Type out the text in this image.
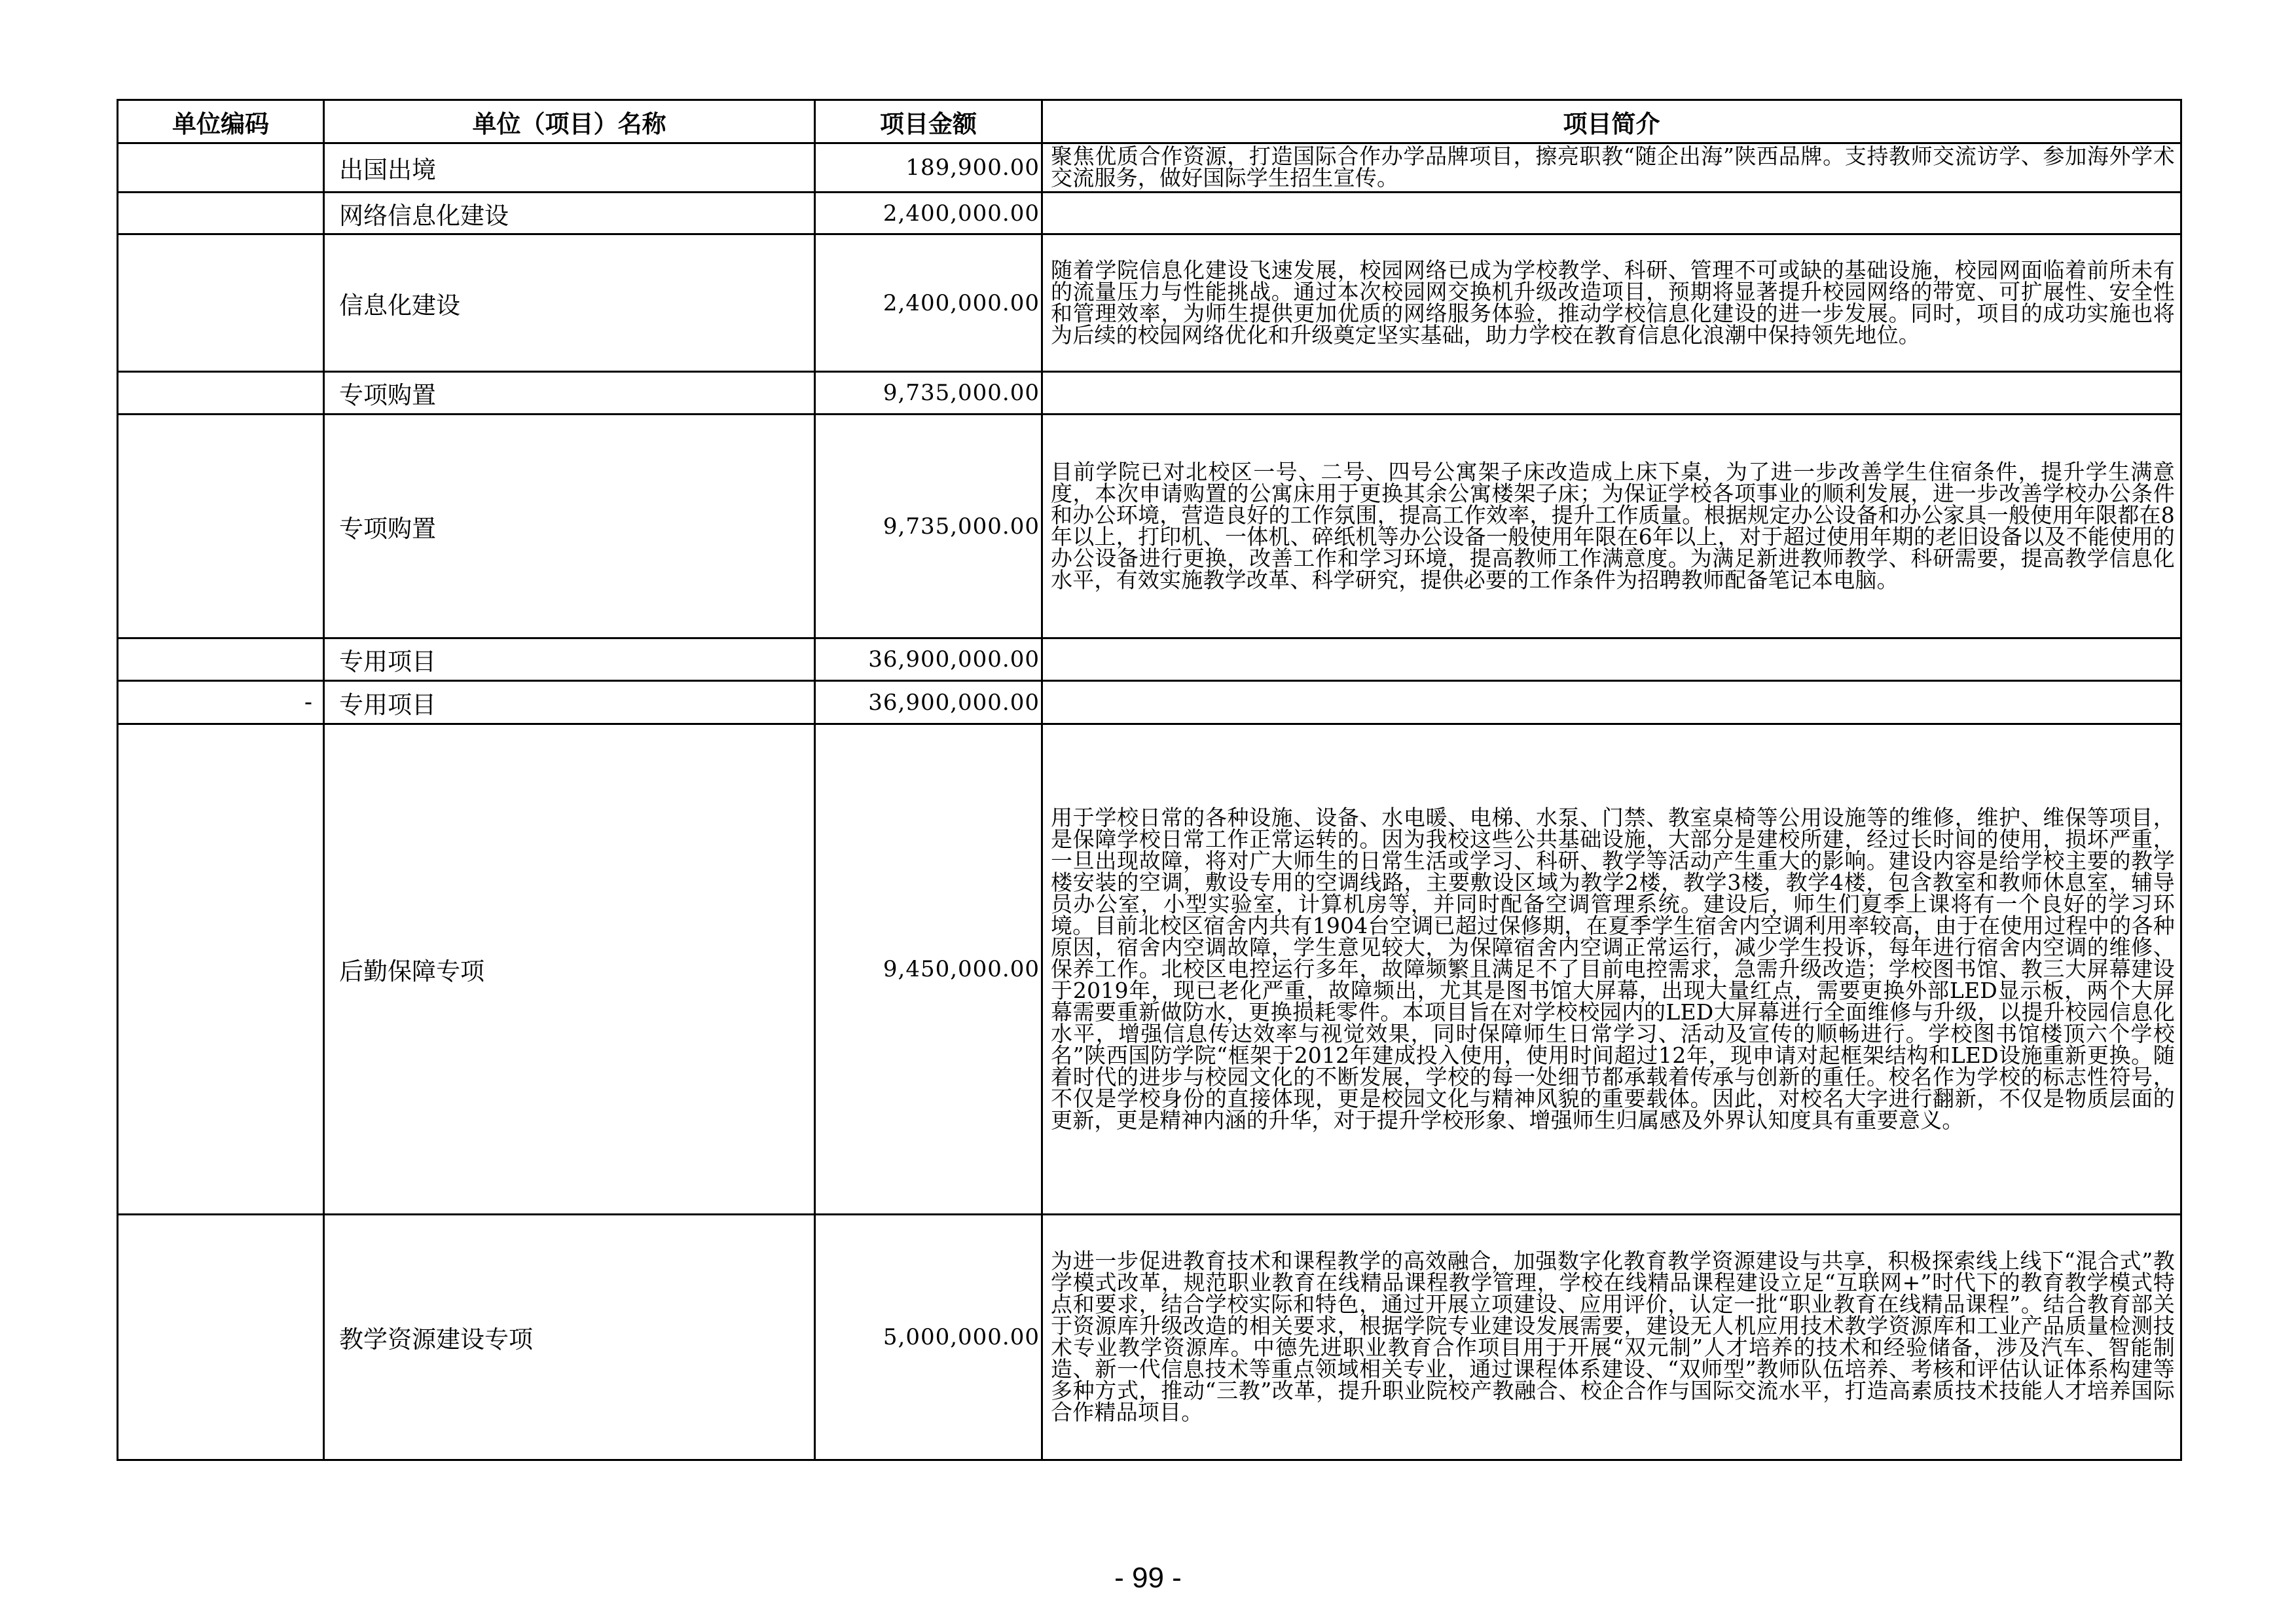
单位编码	单位（项目）名称	项目金额	项目简介
	出国出境	189,900.00	聚焦优质合作资源，打造国际合作办学品牌项目，擦亮职教“随企出海”陕西品牌。支持教师交流访学、参加海外学术交流服务，做好国际学生招生宣传。
	网络信息化建设	2,400,000.00	
	信息化建设	2,400,000.00	随着学院信息化建设飞速发展，校园网络已成为学校教学、科研、管理不可或缺的基础设施，校园网面临着前所未有的流量压力与性能挑战。通过本次校园网交换机升级改造项目，预期将显著提升校园网络的带宽、可扩展性、安全性和管理效率，为师生提供更加优质的网络服务体验，推动学校信息化建设的进一步发展。同时，项目的成功实施也将为后续的校园网络优化和升级奠定坚实基础，助力学校在教育信息化浪潮中保持领先地位。
	专项购置	9,735,000.00	
	专项购置	9,735,000.00	目前学院已对北校区一号、二号、四号公寓架子床改造成上床下桌，为了进一步改善学生住宿条件，提升学生满意度，本次申请购置的公寓床用于更换其余公寓楼架子床；为保证学校各项事业的顺利发展，进一步改善学校办公条件和办公环境，营造良好的工作氛围，提高工作效率，提升工作质量。根据规定办公设备和办公家具一般使用年限都在8年以上，打印机、一体机、碎纸机等办公设备一般使用年限在6年以上，对于超过使用年期的老旧设备以及不能使用的办公设备进行更换，改善工作和学习环境，提高教师工作满意度。为满足新进教师教学、科研需要，提高教学信息化水平，有效实施教学改革、科学研究，提供必要的工作条件为招聘教师配备笔记本电脑。
	专用项目	36,900,000.00	
-	专用项目	36,900,000.00	
	后勤保障专项	9,450,000.00	用于学校日常的各种设施、设备、水电暖、电梯、水泵、门禁、教室桌椅等公用设施等的维修，维护、维保等项目，是保障学校日常工作正常运转的。因为我校这些公共基础设施，大部分是建校所建，经过长时间的使用，损坏严重，一旦出现故障，将对广大师生的日常生活或学习、科研、教学等活动产生重大的影响。建设内容是给学校主要的教学楼安装的空调，敷设专用的空调线路，主要敷设区域为教学2楼，教学3楼，教学4楼，包含教室和教师休息室，辅导员办公室，小型实验室，计算机房等，并同时配备空调管理系统。建设后，师生们夏季上课将有一个良好的学习环境。目前北校区宿舍内共有1904台空调已超过保修期，在夏季学生宿舍内空调利用率较高，由于在使用过程中的各种原因，宿舍内空调故障，学生意见较大，为保障宿舍内空调正常运行，减少学生投诉，每年进行宿舍内空调的维修、保养工作。北校区电控运行多年，故障频繁且满足不了目前电控需求，急需升级改造；学校图书馆、教三大屏幕建设于2019年，现已老化严重，故障频出，尤其是图书馆大屏幕，出现大量红点，需要更换外部LED显示板，两个大屏幕需要重新做防水，更换损耗零件。本项目旨在对学校校园内的LED大屏幕进行全面维修与升级，以提升校园信息化水平，增强信息传达效率与视觉效果，同时保障师生日常学习、活动及宣传的顺畅进行。学校图书馆楼顶六个学校名”陕西国防学院“框架于2012年建成投入使用，使用时间超过12年，现申请对起框架结构和LED设施重新更换。随着时代的进步与校园文化的不断发展，学校的每一处细节都承载着传承与创新的重任。校名作为学校的标志性符号，不仅是学校身份的直接体现，更是校园文化与精神风貌的重要载体。因此，对校名大字进行翻新，不仅是物质层面的更新，更是精神内涵的升华，对于提升学校形象、增强师生归属感及外界认知度具有重要意义。
	教学资源建设专项	5,000,000.00	为进一步促进教育技术和课程教学的高效融合，加强数字化教育教学资源建设与共享，积极探索线上线下“混合式”教学模式改革，规范职业教育在线精品课程教学管理，学校在线精品课程建设立足“互联网+”时代下的教育教学模式特点和要求，结合学校实际和特色，通过开展立项建设、应用评价，认定一批“职业教育在线精品课程”。结合教育部关于资源库升级改造的相关要求，根据学院专业建设发展需要，建设无人机应用技术教学资源库和工业产品质量检测技术专业教学资源库。中德先进职业教育合作项目用于开展“双元制”人才培养的技术和经验储备，涉及汽车、智能制造、新一代信息技术等重点领域相关专业，通过课程体系建设、“双师型”教师队伍培养、考核和评估认证体系构建等多种方式，推动“三教”改革，提升职业院校产教融合、校企合作与国际交流水平，打造高素质技术技能人才培养国际合作精品项目。
- 99 -
